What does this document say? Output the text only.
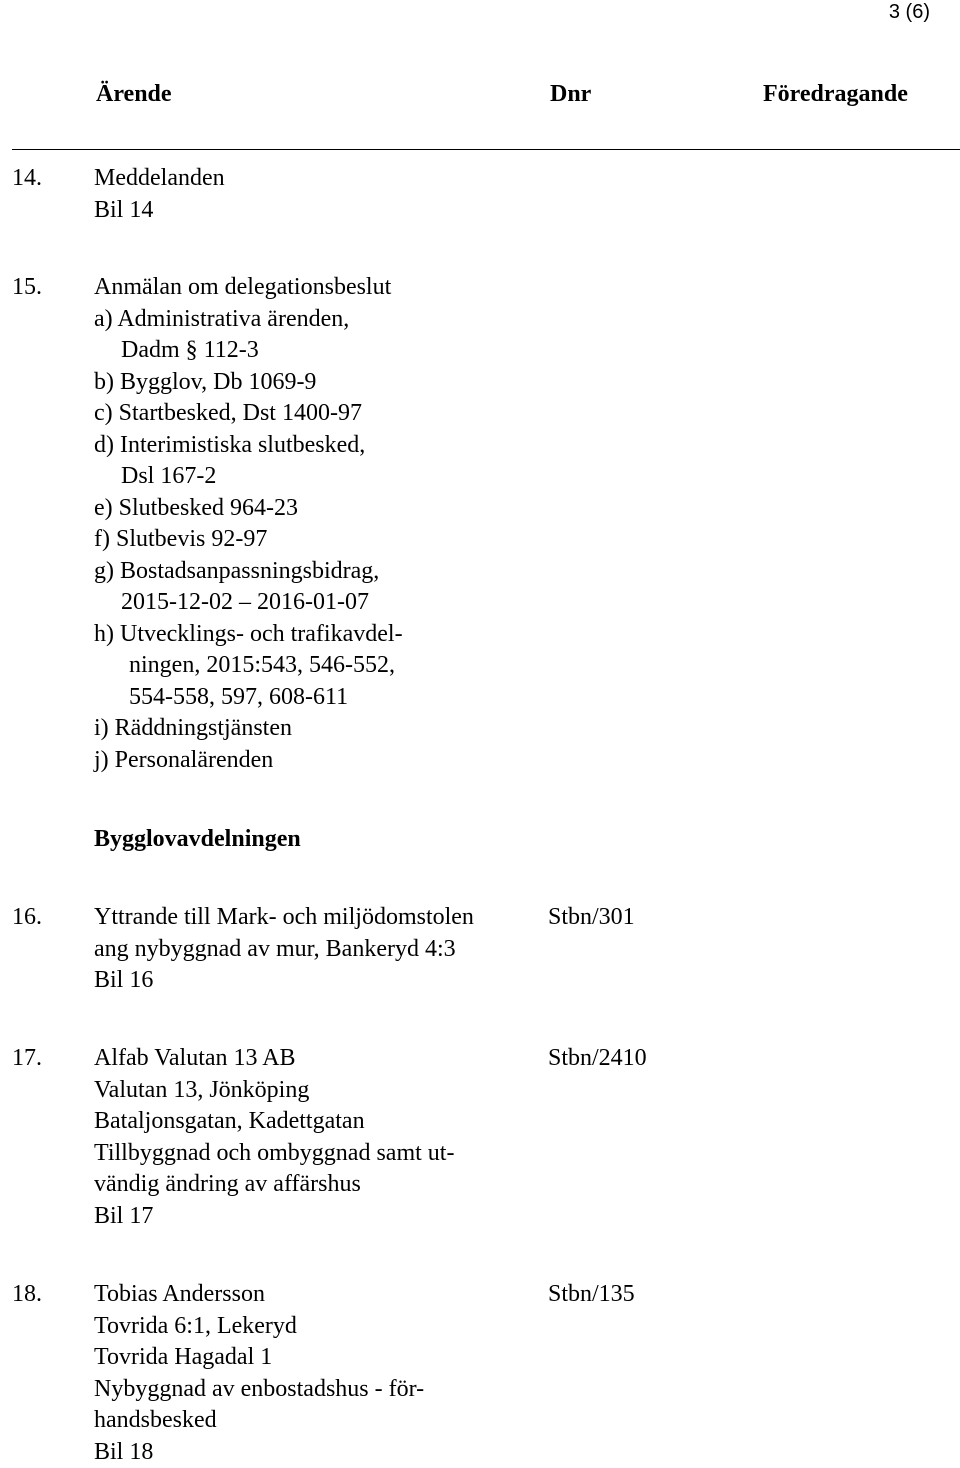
3 (6)
Ärende	Dnr	Föredragande
14. Meddelanden
Bil 14
15. Anmälan om delegationsbeslut
a) Administrativa ärenden,
Dadm § 112-3
b) Bygglov, Db 1069-9
c) Startbesked, Dst 1400-97
d) Interimistiska slutbesked,
Dsl 167-2
e) Slutbesked 964-23
f) Slutbevis 92-97
g) Bostadsanpassningsbidrag,
2015-12-02 – 2016-01-07
h) Utvecklings- och trafikavdel-
ningen, 2015:543, 546-552,
554-558, 597, 608-611
i) Räddningstjänsten
j) Personalärenden
Bygglovavdelningen
16. Yttrande till Mark- och miljödomstolen
ang nybyggnad av mur, Bankeryd 4:3
Bil 16
Stbn/301
17. Alfab Valutan 13 AB
Valutan 13, Jönköping
Bataljonsgatan, Kadettgatan
Tillbyggnad och ombyggnad samt ut-
vändig ändring av affärshus
Bil 17
Stbn/2410
18. Tobias Andersson
Tovrida 6:1, Lekeryd
Tovrida Hagadal 1
Nybyggnad av enbostadshus - för-
handsbesked
Bil 18
Stbn/135
